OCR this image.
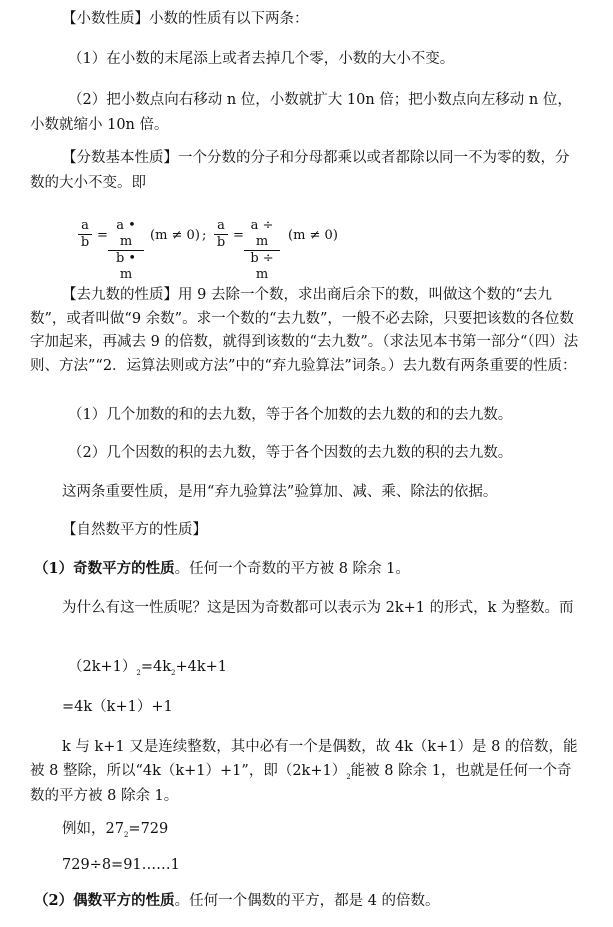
【小数性质】小数的性质有以下两条：

（1）在小数的末尾添上或者去掉几个零，小数的大小不变。

（2）把小数点向右移动 n 位，小数就扩大 10n 倍；把小数点向左移动 n 位，小数就缩小 10n 倍。

【分数基本性质】一个分数的分子和分母都乘以或者都除以同一不为零的数，分数的大小不变。即

$\frac{a}{b} = \frac{a • m}{b • m} (m \ne 0)$ ; $\frac{a}{b} = \frac{a \div m}{b \div m} (m \ne 0)$

【去九数的性质】用 9 去除一个数，求出商后余下的数，叫做这个数的“去九数”，或者叫做“9 余数”。求一个数的“去九数”，一般不必去除，只要把该数的各位数字加起来，再减去 9 的倍数，就得到该数的“去九数”。（求法见本书第一部分“（四）法则、方法”“2．运算法则或方法”中的“弃九验算法”词条。）去九数有两条重要的性质：

（1）几个加数的和的去九数，等于各个加数的去九数的和的去九数。

（2）几个因数的积的去九数，等于各个因数的去九数的积的去九数。

这两条重要性质，是用“弃九验算法”验算加、减、乘、除法的依据。

【自然数平方的性质】

（1）奇数平方的性质。任何一个奇数的平方被 8 除余 1。

为什么有这一性质呢？这是因为奇数都可以表示为 2k+1 的形式，k 为整数。而

$(2k+1)_2=4k_2+4k+1$

=4k（k+1）+1

k 与 k+1 又是连续整数，其中必有一个是偶数，故 4k（k+1）是 8 的倍数，能被 8 整除，所以“4k（k+1）+1”，即$(2k+1)_2$能被 8 除余 1，也就是任何一个奇数的平方被 8 除余 1。

例如，$27_2=729$

729÷8=91……1

（2）偶数平方的性质。任何一个偶数的平方，都是 4 的倍数。
